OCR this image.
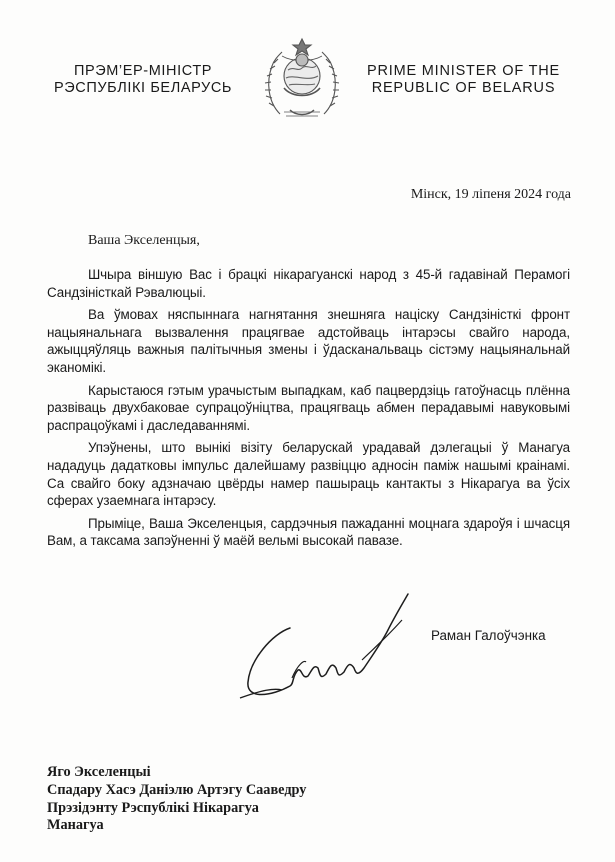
ПРЭМ’ЕР-МІНІСТР
РЭСПУБЛІКІ БЕЛАРУСЬ
PRIME MINISTER OF THE
REPUBLIC OF BELARUS
Мінск, 19 ліпеня 2024 года
Ваша Экселенцыя,

Шчыра віншую Вас і брацкі нікарагуанскі народ з 45-й гадавінай Перамогі Сандзіністкай Рэвалюцыі.

Ва ўмовах няспыннага нагнятання знешняга націску Сандзіністкі фронт нацыянальнага вызвалення працягвае адстойваць інтарэсы свайго народа, ажыццяўляць важныя палітычныя змены і ўдасканальваць сістэму нацыянальнай эканомікі.

Карыстаюся гэтым урачыстым выпадкам, каб пацвердзіць гатоўнасць плённа развіваць двухбаковае супрацоўніцтва, працягваць абмен перадавымі навуковымі распрацоўкамі і даследаваннямі.

Упэўнены, што вынікі візіту беларускай урадавай дэлегацыі ў Манагуа нададуць дадатковы імпульс далейшаму развіццю адносін паміж нашымі краінамі. Са свайго боку адзначаю цвёрды намер пашыраць кантакты з Нікарагуа ва ўсіх сферах узаемнага інтарэсу.

Прыміце, Ваша Экселенцыя, сардэчныя пажаданні моцнага здароўя і шчасця Вам, а таксама запэўненні ў маёй вельмі высокай павазе.

Раман Галоўчэнка
Яго Экселенцыі
Спадару Хасэ Даніэлю Артэгу Сааведру
Прэзідэнту Рэспублікі Нікарагуа
Манагуа
